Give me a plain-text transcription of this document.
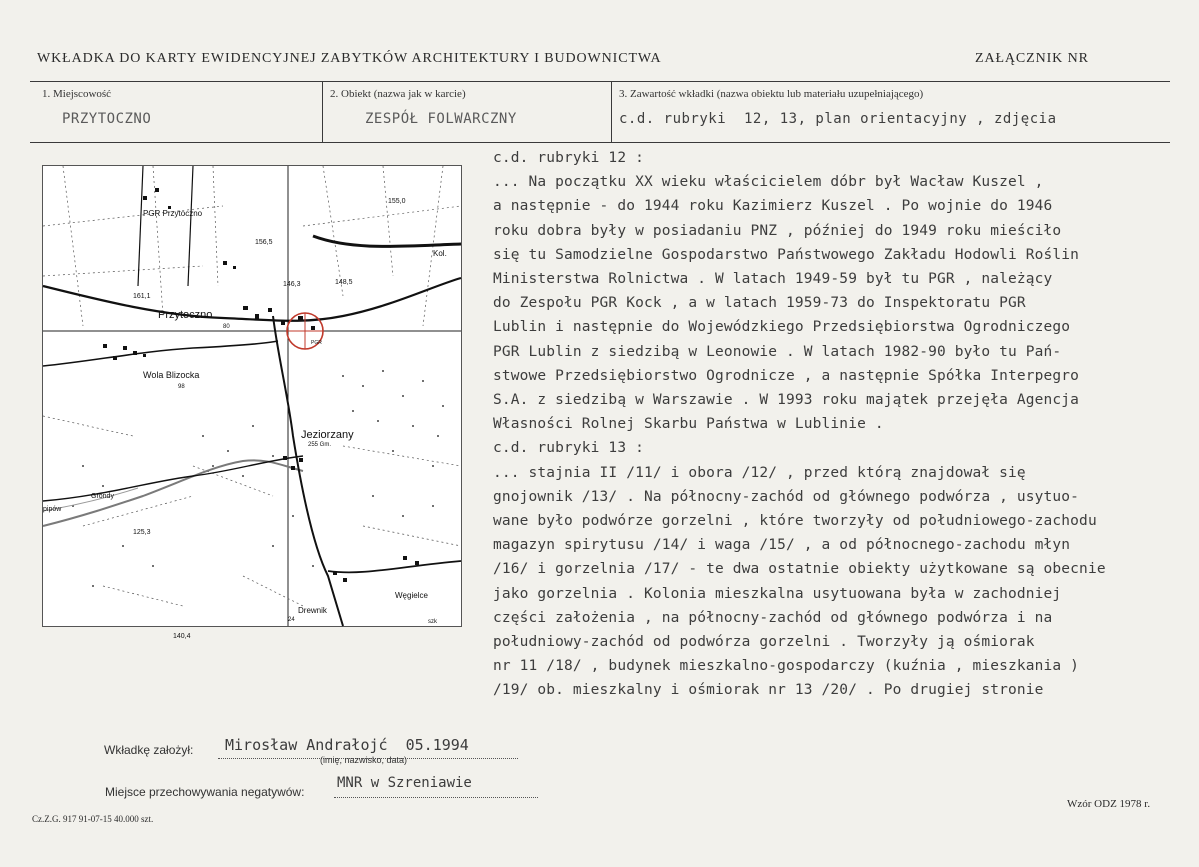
WKŁADKA DO KARTY EWIDENCYJNEJ ZABYTKÓW ARCHITEKTURY I BUDOWNICTWA	ZAŁĄCZNIK NR
1. Miejscowość
PRZYTOCZNO
2. Obiekt (nazwa jak w karcie)
ZESPÓŁ FOLWARCZNY
3. Zawartość wkładki (nazwa obiektu lub materiału uzupełniającego)
c.d. rubryki  12, 13, plan orientacyjny , zdjęcia
PGR Przytoczno
155,0
156,5
Kol.
146,3	148,5
161,1
Przytoczno
80
Wola Blizocka
98
Jeziorzany
255 Gm.
Grondy
pipów
125,3
Węgielce
Drewnik
24
140,4
szk
PGR
c.d. rubryki 12 :
... Na początku XX wieku właścicielem dóbr był Wacław Kuszel ,
a następnie - do 1944 roku Kazimierz Kuszel . Po wojnie do 1946
roku dobra były w posiadaniu PNZ , później do 1949 roku mieściło
się tu Samodzielne Gospodarstwo Państwowego Zakładu Hodowli Roślin
Ministerstwa Rolnictwa . W latach 1949-59 był tu PGR , należący
do Zespołu PGR Kock , a w latach 1959-73 do Inspektoratu PGR
Lublin i następnie do Wojewódzkiego Przedsiębiorstwa Ogrodniczego
PGR Lublin z siedzibą w Leonowie . W latach 1982-90 było tu Pań-
stwowe Przedsiębiorstwo Ogrodnicze , a następnie Spółka Interpegro
S.A. z siedzibą w Warszawie . W 1993 roku majątek przejęła Agencja
Własności Rolnej Skarbu Państwa w Lublinie .
c.d. rubryki 13 :
... stajnia II /11/ i obora /12/ , przed którą znajdował się
gnojownik /13/ . Na północny-zachód od głównego podwórza , usytuo-
wane było podwórze gorzelni , które tworzyły od południowego-zachodu
magazyn spirytusu /14/ i waga /15/ , a od północnego-zachodu młyn
/16/ i gorzelnia /17/ - te dwa ostatnie obiekty użytkowane są obecnie
jako gorzelnia . Kolonia mieszkalna usytuowana była w zachodniej
części założenia , na północny-zachód od głównego podwórza i na
południowy-zachód od podwórza gorzelni . Tworzyły ją ośmiorak
nr 11 /18/ , budynek mieszkalno-gospodarczy (kuźnia , mieszkania )
/19/ ob. mieszkalny i ośmiorak nr 13 /20/ . Po drugiej stronie
Wkładkę założył: Mirosław Andrałojć  05.1994
(imię, nazwisko, data)
Miejsce przechowywania negatywów:
MNR w Szreniawie
Cz.Z.G. 917 91-07-15 40.000 szt.
Wzór ODZ 1978 r.
